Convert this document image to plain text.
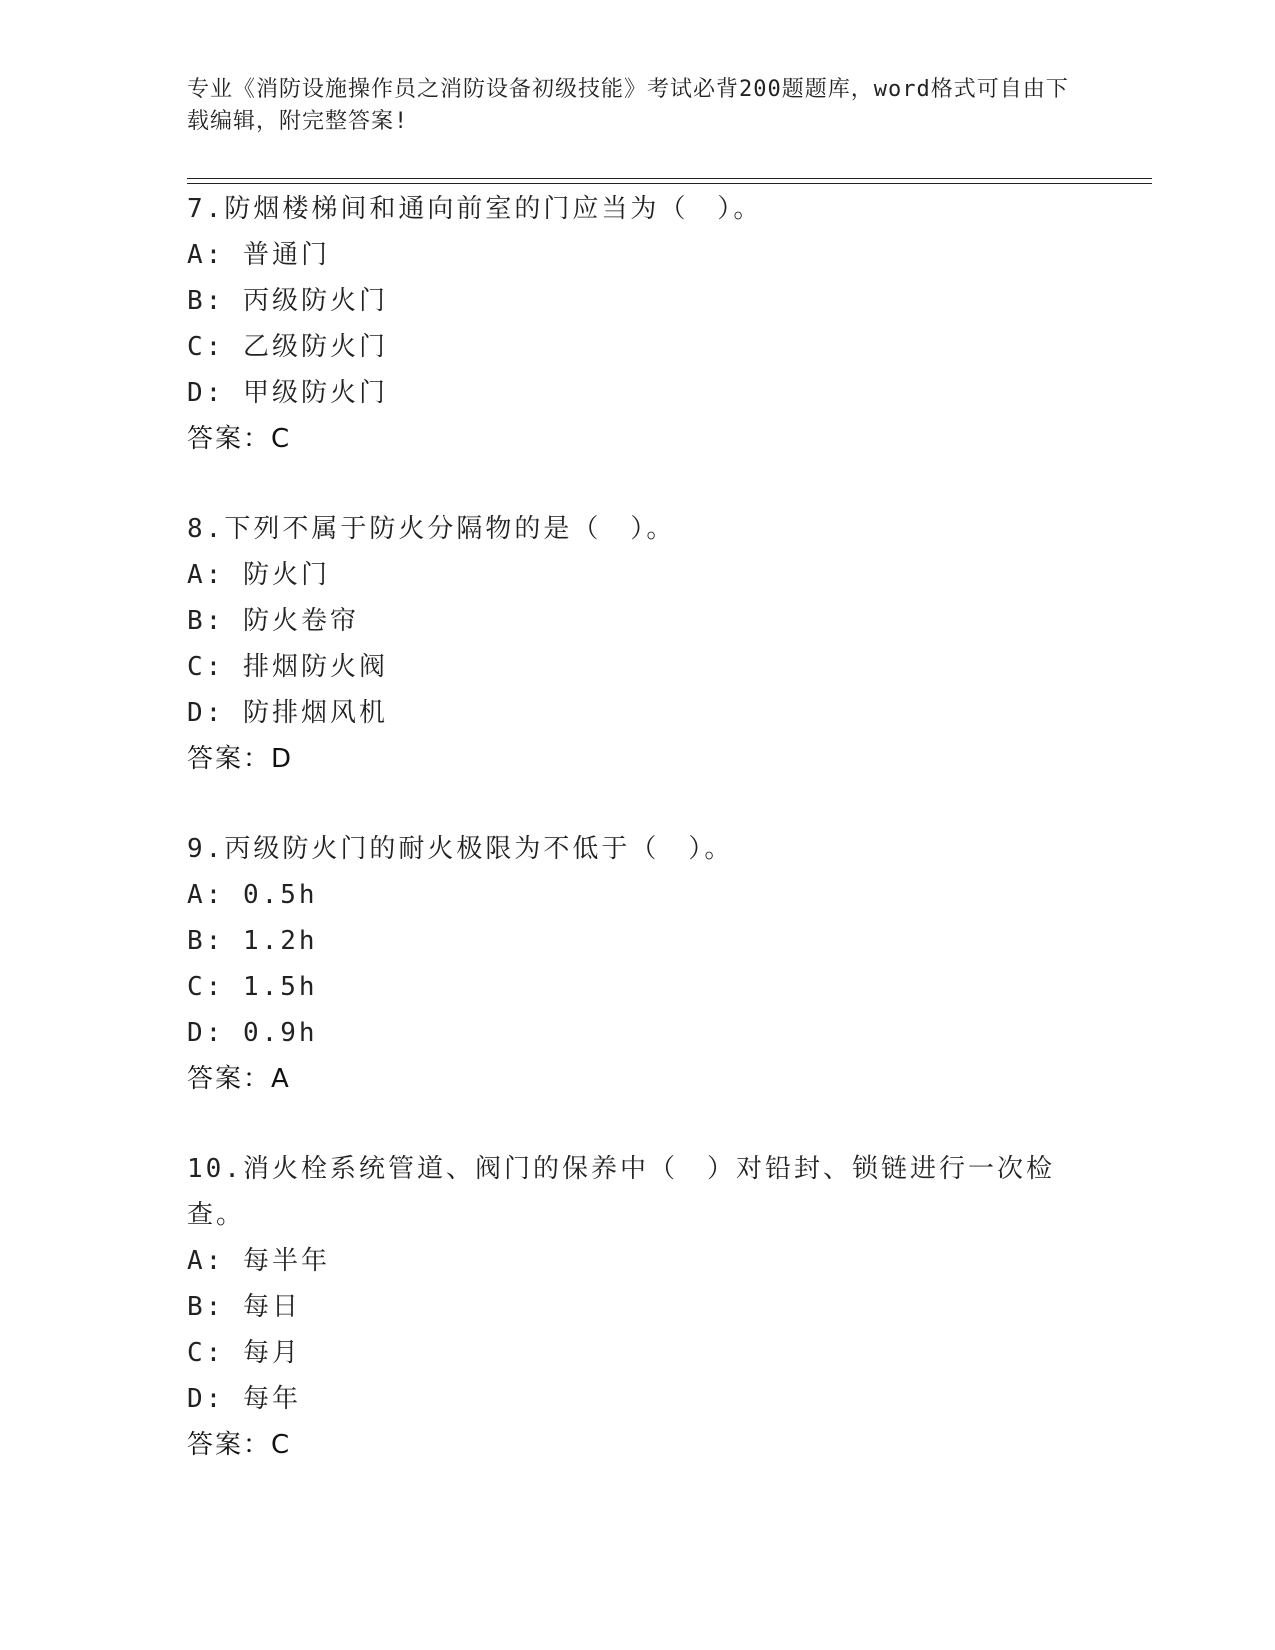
专业《消防设施操作员之消防设备初级技能》考试必背200题题库，word格式可自由下载编辑，附完整答案!
7.防烟楼梯间和通向前室的门应当为（　）。
A: 普通门
B: 丙级防火门
C: 乙级防火门
D: 甲级防火门
答案：C
8.下列不属于防火分隔物的是（　）。
A: 防火门
B: 防火卷帘
C: 排烟防火阀
D: 防排烟风机
答案：D
9.丙级防火门的耐火极限为不低于（　）。
A: 0.5h
B: 1.2h
C: 1.5h
D: 0.9h
答案：A
10.消火栓系统管道、阀门的保养中（　）对铅封、锁链进行一次检查。
A: 每半年
B: 每日
C: 每月
D: 每年
答案：C
